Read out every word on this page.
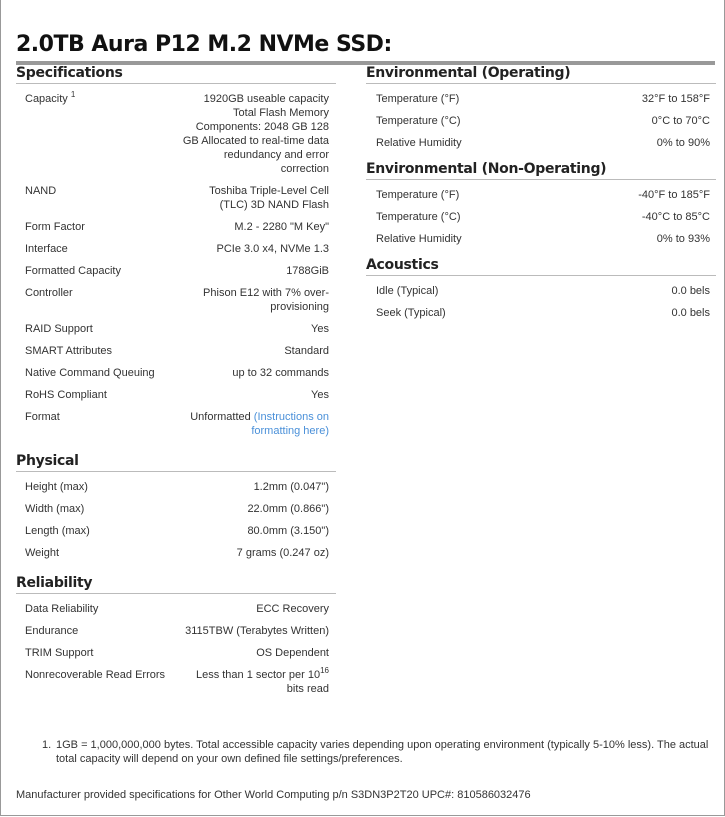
2.0TB Aura P12 M.2 NVMe SSD:
Specifications
Capacity $^1$	1920GB useable capacity Total Flash Memory Components: 2048 GB 128 GB Allocated to real-time data redundancy and error correction
NAND	Toshiba Triple-Level Cell (TLC) 3D NAND Flash
Form Factor	M.2 - 2280 "M Key"
Interface	PCIe 3.0 x4, NVMe 1.3
Formatted Capacity	1788GiB
Controller	Phison E12 with 7% over-provisioning
RAID Support	Yes
SMART Attributes	Standard
Native Command Queuing	up to 32 commands
RoHS Compliant	Yes
Format	Unformatted (Instructions on formatting here)
Physical
Height (max)	1.2mm (0.047")
Width (max)	22.0mm (0.866")
Length (max)	80.0mm (3.150")
Weight	7 grams (0.247 oz)
Reliability
Data Reliability	ECC Recovery
Endurance	3115TBW (Terabytes Written)
TRIM Support	OS Dependent
Nonrecoverable Read Errors	Less than 1 sector per $10^{16}$
bits read
Environmental (Operating)
Temperature (°F)	32°F to 158°F
Temperature (°C)	0°C to 70°C
Relative Humidity	0% to 90%
Environmental (Non-Operating)
Temperature (°F)	-40°F to 185°F
Temperature (°C)	-40°C to 85°C
Relative Humidity	0% to 93%
Acoustics
Idle (Typical)	0.0 bels
Seek (Typical)	0.0 bels
1. 1GB = 1,000,000,000 bytes. Total accessible capacity varies depending upon operating environment (typically 5-10% less). The actual total capacity will depend on your own defined file settings/preferences.
Manufacturer provided specifications for Other World Computing p/n S3DN3P2T20 UPC#: 810586032476
